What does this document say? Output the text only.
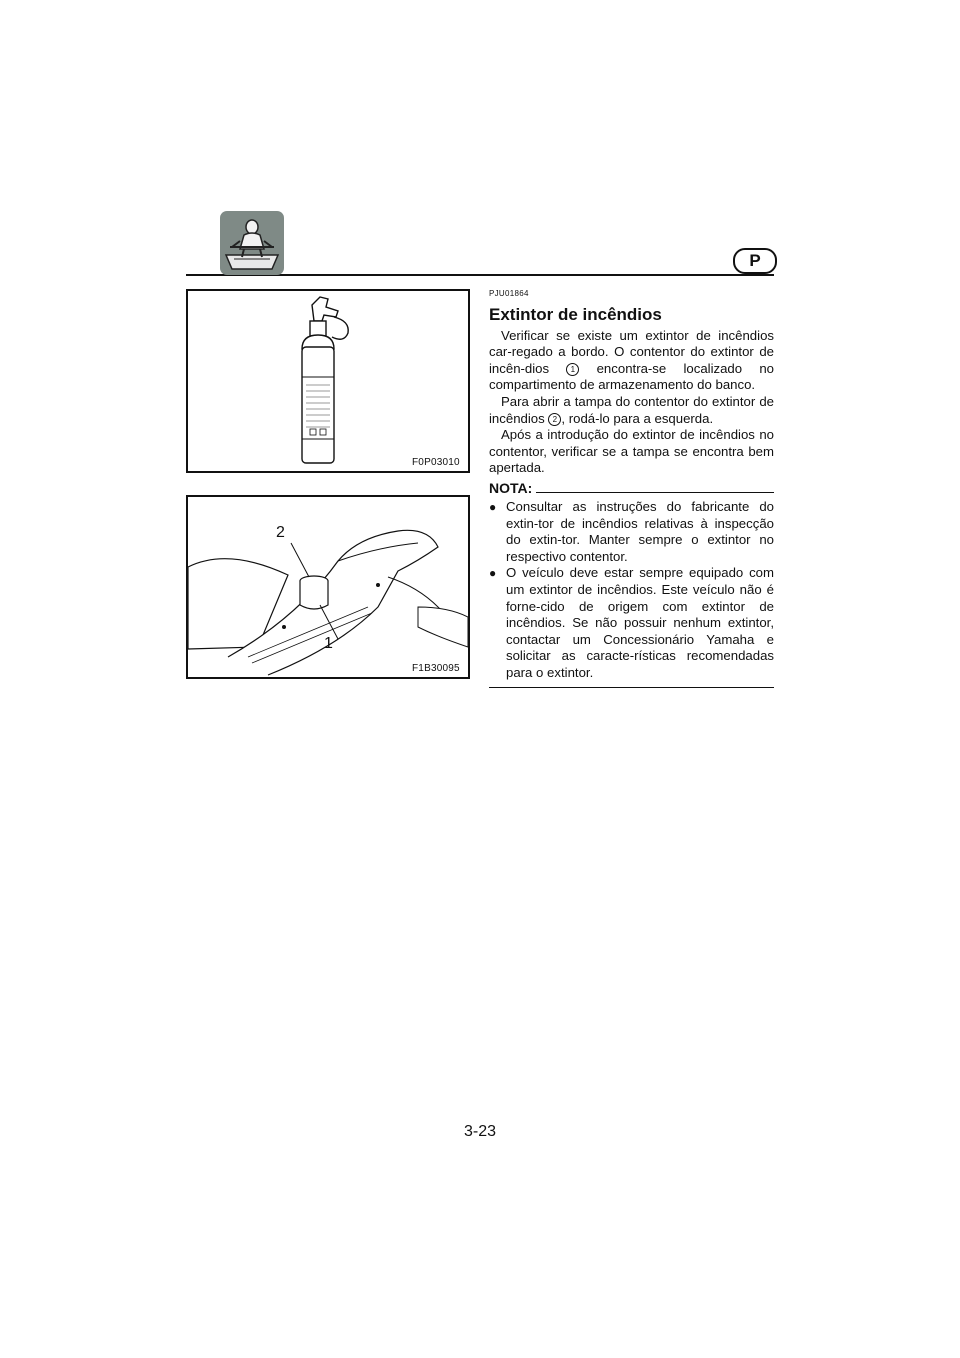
P
F0P03010
2
1
F1B30095
PJU01864
Extintor de incêndios

Verificar se existe um extintor de incêndios car-regado a bordo. O contentor do extintor de incên-dios	1 encontra-se localizado no compartimento de armazenamento do banco.

Para abrir a tampa do contentor do extintor de incêndios 2 , rodá-lo para a esquerda.

Após a introdução do extintor de incêndios no contentor, verificar se a tampa se encontra bem apertada.

NOTA:
● Consultar as instruções do fabricante do extin-tor de incêndios relativas à inspecção do extin-tor. Manter sempre o extintor no respectivo contentor.
● O veículo deve estar sempre equipado com um extintor de incêndios. Este veículo não é forne-cido de origem com extintor de incêndios. Se não possuir nenhum extintor, contactar um Concessionário Yamaha e solicitar as caracte-rísticas recomendadas para o extintor.
3-23
